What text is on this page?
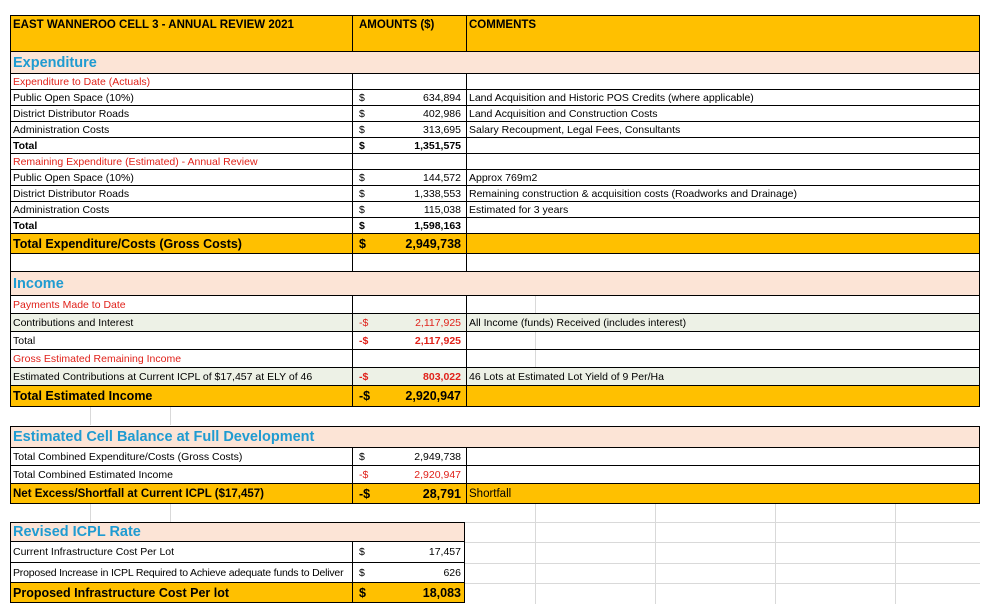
EAST WANNEROO CELL 3 - ANNUAL REVIEW 2021	AMOUNTS ($)	COMMENTS
Expenditure
Expenditure to Date (Actuals)
Public Open Space (10%)	$	634,894 Land Acquisition and Historic POS Credits (where applicable)
District Distributor Roads	$	402,986 Land Acquisition and Construction Costs
Administration Costs	$	313,695 Salary Recoupment, Legal Fees, Consultants
Total	$	1,351,575
Remaining Expenditure (Estimated) - Annual Review
Public Open Space (10%)	$	144,572 Approx 769m2
District Distributor Roads	$	1,338,553 Remaining construction & acquisition costs (Roadworks and Drainage)
Administration Costs	$	115,038 Estimated for 3 years
Total	$	1,598,163
Total Expenditure/Costs (Gross Costs)	$	2,949,738
Income
Payments Made to Date
Contributions and Interest	-$	2,117,925 All Income (funds) Received (includes interest)
Total	-$	2,117,925
Gross Estimated Remaining Income
Estimated Contributions at Current ICPL of $17,457 at ELY of 46	-$	803,022 46 Lots at Estimated Lot Yield of 9 Per/Ha
Total Estimated Income	-$	2,920,947
Estimated Cell Balance at Full Development
Total Combined Expenditure/Costs (Gross Costs)	$	2,949,738
Total Combined Estimated Income	-$	2,920,947
Net Excess/Shortfall at Current ICPL ($17,457)	-$	28,791 Shortfall
Revised ICPL Rate
Current Infrastructure Cost Per Lot	$	17,457
Proposed Increase in ICPL Required to Achieve adequate funds to Deliver	$	626
Proposed Infrastructure Cost Per lot	$	18,083
